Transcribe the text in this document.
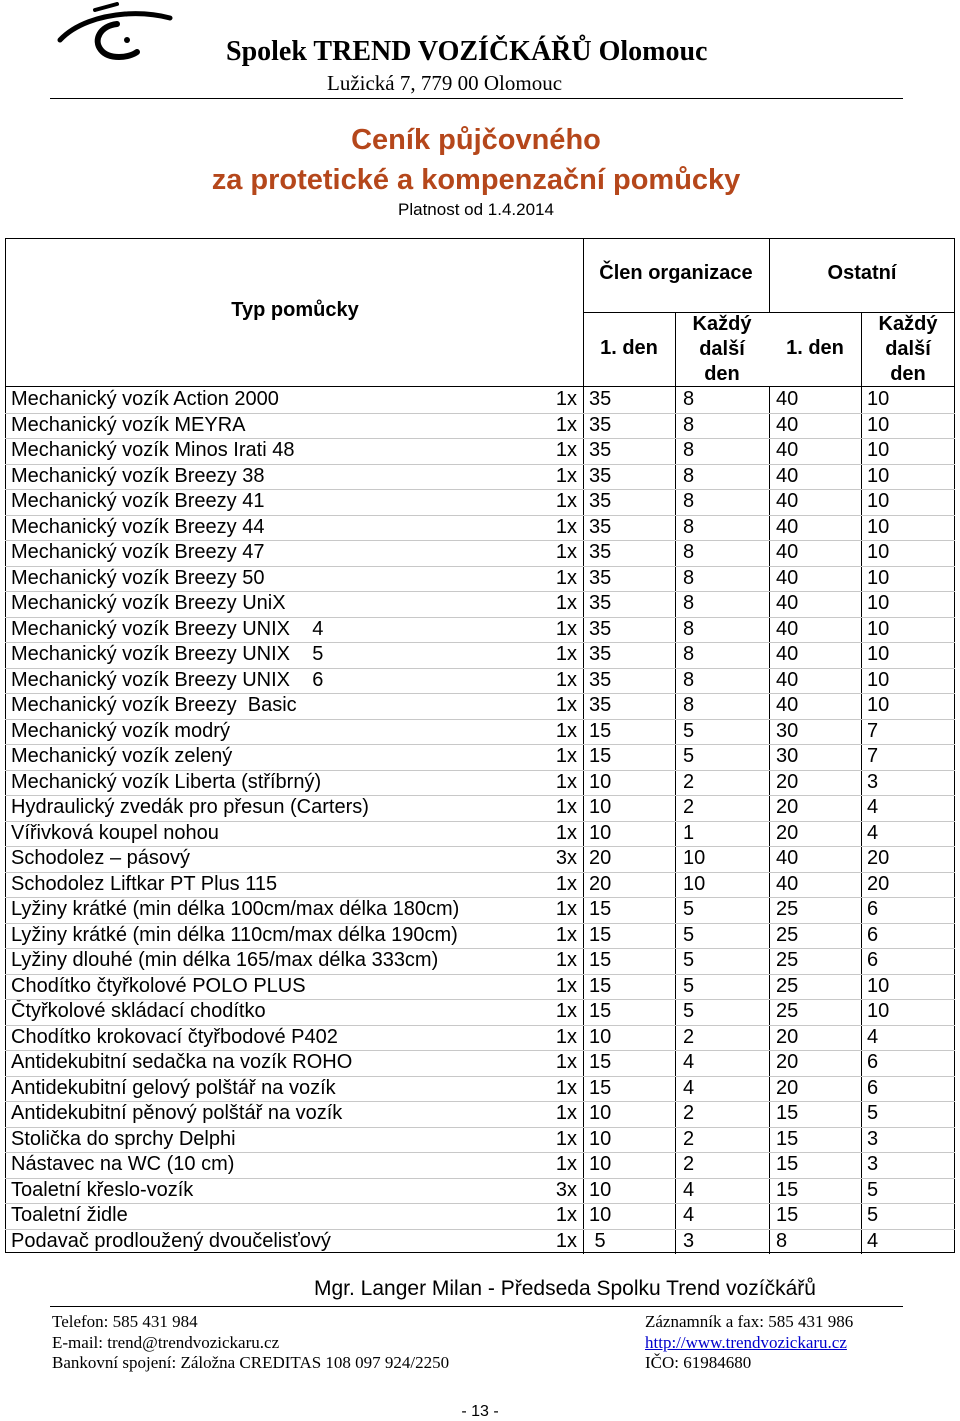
Spolek TREND VOZÍČKÁŘŮ Olomouc
Lužická 7, 779 00 Olomouc
Ceník půjčovného
za protetické a kompenzační pomůcky
Platnost od 1.4.2014
Typ pomůcky
Člen organizace	Ostatní
1. den
Každý
další
den
1. den
Každý
další
den
Mechanický vozík Action 2000	1x 35	8	40	10
Mechanický vozík MEYRA	1x 35	8	40	10
Mechanický vozík Minos Irati 48	1x 35	8	40	10
Mechanický vozík Breezy 38	1x 35	8	40	10
Mechanický vozík Breezy 41	1x 35	8	40	10
Mechanický vozík Breezy 44	1x 35	8	40	10
Mechanický vozík Breezy 47	1x 35	8	40	10
Mechanický vozík Breezy 50	1x 35	8	40	10
Mechanický vozík Breezy UniX	1x 35	8	40	10
Mechanický vozík Breezy UNIX    4	1x 35	8	40	10
Mechanický vozík Breezy UNIX    5	1x 35	8	40	10
Mechanický vozík Breezy UNIX    6	1x 35	8	40	10
Mechanický vozík Breezy  Basic	1x 35	8	40	10
Mechanický vozík modrý	1x 15	5	30	7
Mechanický vozík zelený	1x 15	5	30	7
Mechanický vozík Liberta (stříbrný)	1x 10	2	20	3
Hydraulický zvedák pro přesun (Carters)	1x 10	2	20	4
Vířivková koupel nohou	1x 10	1	20	4
Schodolez – pásový	3x 20	10	40	20
Schodolez Liftkar PT Plus 115	1x 20	10	40	20
Lyžiny krátké (min délka 100cm/max délka 180cm)	1x 15	5	25	6
Lyžiny krátké (min délka 110cm/max délka 190cm)	1x 15	5	25	6
Lyžiny dlouhé (min délka 165/max délka 333cm)	1x 15	5	25	6
Chodítko čtyřkolové POLO PLUS	1x 15	5	25	10
Čtyřkolové skládací chodítko	1x 15	5	25	10
Chodítko krokovací čtyřbodové P402	1x 10	2	20	4
Antidekubitní sedačka na vozík ROHO	1x 15	4	20	6
Antidekubitní gelový polštář na vozík	1x 15	4	20	6
Antidekubitní pěnový polštář na vozík	1x 10	2	15	5
Stolička do sprchy Delphi	1x 10	2	15	3
Nástavec na WC (10 cm)	1x 10	2	15	3
Toaletní křeslo-vozík	3x 10	4	15	5
Toaletní židle	1x 10	4	15	5
Podavač prodloužený dvoučelisťový	1x 5	3	8	4
Mgr. Langer Milan - Předseda Spolku Trend vozíčkářů
Telefon: 585 431 984
E-mail: trend@trendvozickaru.cz
Bankovní spojení: Záložna CREDITAS 108 097 924/2250
Záznamník a fax: 585 431 986
http://www.trendvozickaru.cz
IČO: 61984680
- 13 -
